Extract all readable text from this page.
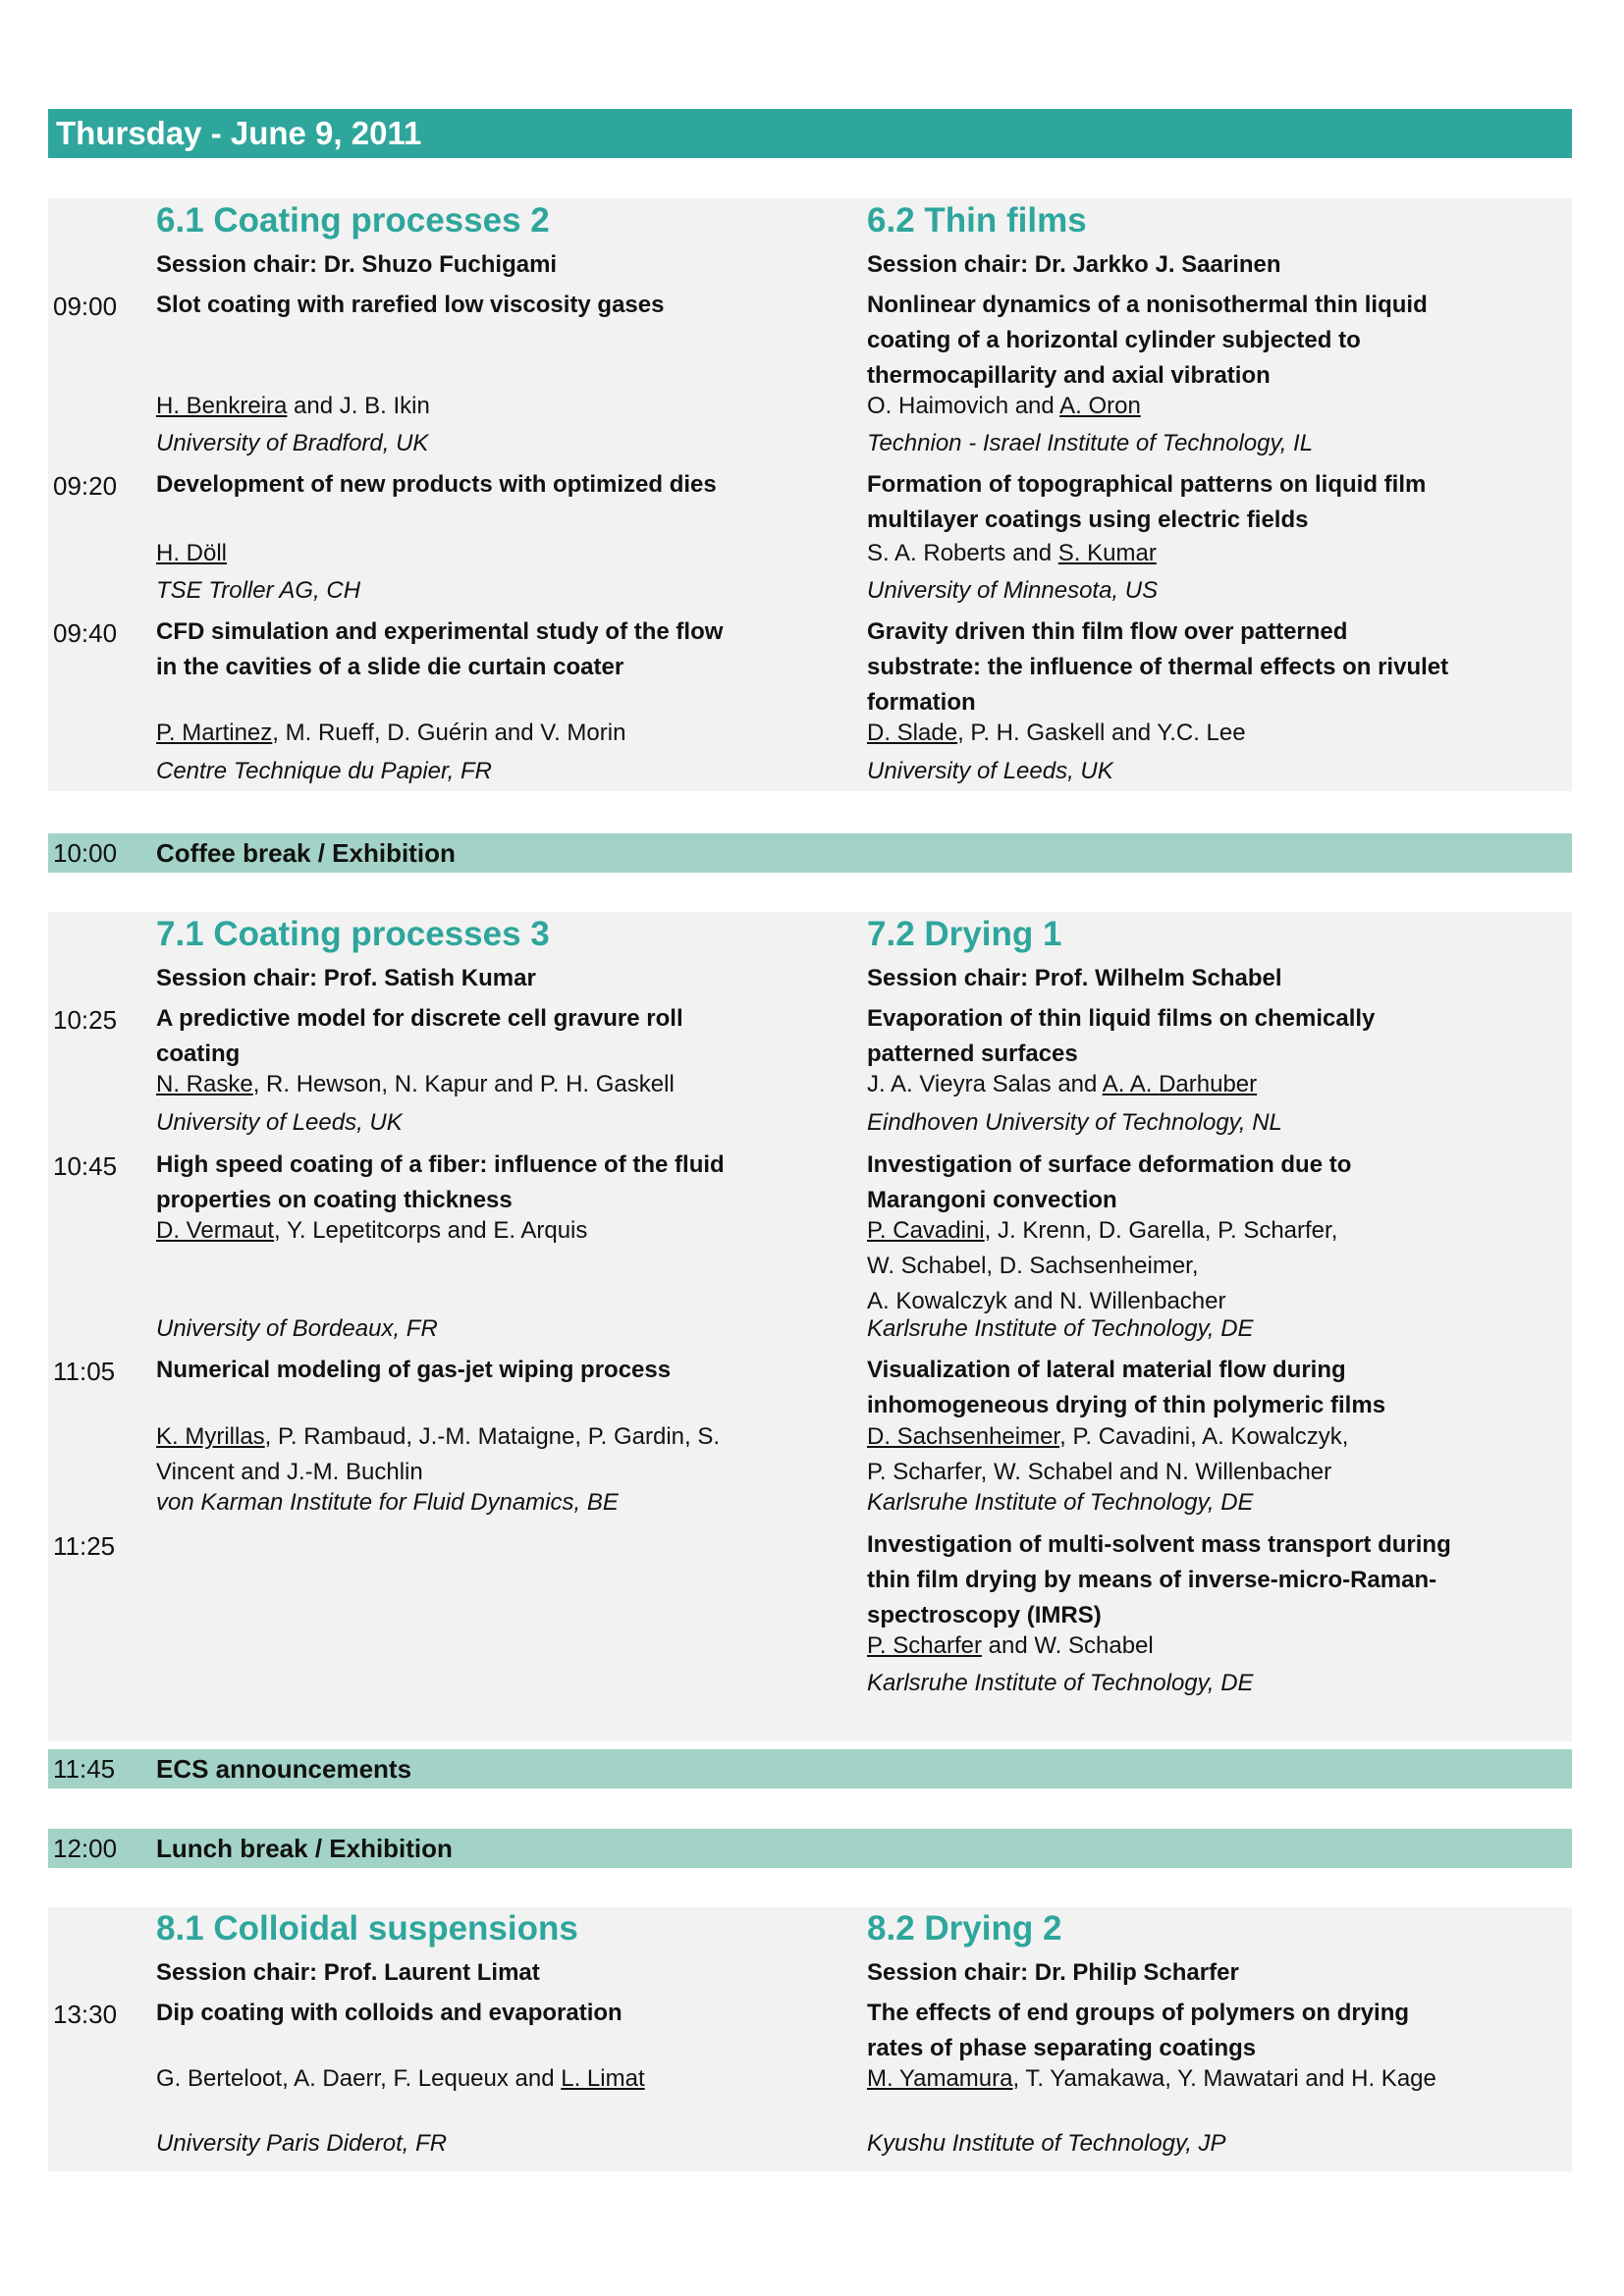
Thursday - June 9, 2011
6.1 Coating processes 2
Session chair: Dr. Shuzo Fuchigami
6.2 Thin films
Session chair: Dr. Jarkko J. Saarinen
09:00 Slot coating with rarefied low viscosity gases
H. Benkreira and J. B. Ikin
University of Bradford, UK
Nonlinear dynamics of a nonisothermal thin liquid
coating of a horizontal cylinder subjected to
thermocapillarity and axial vibration
O. Haimovich and A. Oron
Technion - Israel Institute of Technology, IL
09:20 Development of new products with optimized dies
H. Döll
TSE Troller AG, CH
Formation of topographical patterns on liquid film
multilayer coatings using electric fields
S. A. Roberts and S. Kumar
University of Minnesota, US
09:40 CFD simulation and experimental study of the flow
in the cavities of a slide die curtain coater
P. Martinez, M. Rueff, D. Guérin and V. Morin
Centre Technique du Papier, FR
Gravity driven thin film flow over patterned
substrate: the influence of thermal effects on rivulet
formation
D. Slade, P. H. Gaskell and Y.C. Lee
University of Leeds, UK
10:00 Coffee break / Exhibition
7.1 Coating processes 3
Session chair: Prof. Satish Kumar
7.2 Drying 1
Session chair: Prof. Wilhelm Schabel
10:25 A predictive model for discrete cell gravure roll
coating
N. Raske, R. Hewson, N. Kapur and P. H. Gaskell
University of Leeds, UK
Evaporation of thin liquid films on chemically
patterned surfaces
J. A. Vieyra Salas and A. A. Darhuber
Eindhoven University of Technology, NL
10:45 High speed coating of a fiber: influence of the fluid
properties on coating thickness
D. Vermaut, Y. Lepetitcorps and E. Arquis
University of Bordeaux, FR
Investigation of surface deformation due to
Marangoni convection
P. Cavadini, J. Krenn, D. Garella, P. Scharfer,
W. Schabel, D. Sachsenheimer,
A. Kowalczyk and N. Willenbacher
Karlsruhe Institute of Technology, DE
11:05 Numerical modeling of gas-jet wiping process
K. Myrillas, P. Rambaud, J.-M. Mataigne, P. Gardin, S.
Vincent and J.-M. Buchlin
von Karman Institute for Fluid Dynamics, BE
Visualization of lateral material flow during
inhomogeneous drying of thin polymeric films
D. Sachsenheimer, P. Cavadini, A. Kowalczyk,
P. Scharfer, W. Schabel and N. Willenbacher
Karlsruhe Institute of Technology, DE
11:25	Investigation of multi-solvent mass transport during
thin film drying by means of inverse-micro-Raman-
spectroscopy (IMRS)
P. Scharfer and W. Schabel
Karlsruhe Institute of Technology, DE
11:45 ECS announcements
12:00 Lunch break / Exhibition
8.1 Colloidal suspensions
Session chair: Prof. Laurent Limat
8.2 Drying 2
Session chair: Dr. Philip Scharfer
13:30 Dip coating with colloids and evaporation
G. Berteloot, A. Daerr, F. Lequeux and L. Limat
University Paris Diderot, FR
The effects of end groups of polymers on drying
rates of phase separating coatings
M. Yamamura, T. Yamakawa, Y. Mawatari and H. Kage
Kyushu Institute of Technology, JP
